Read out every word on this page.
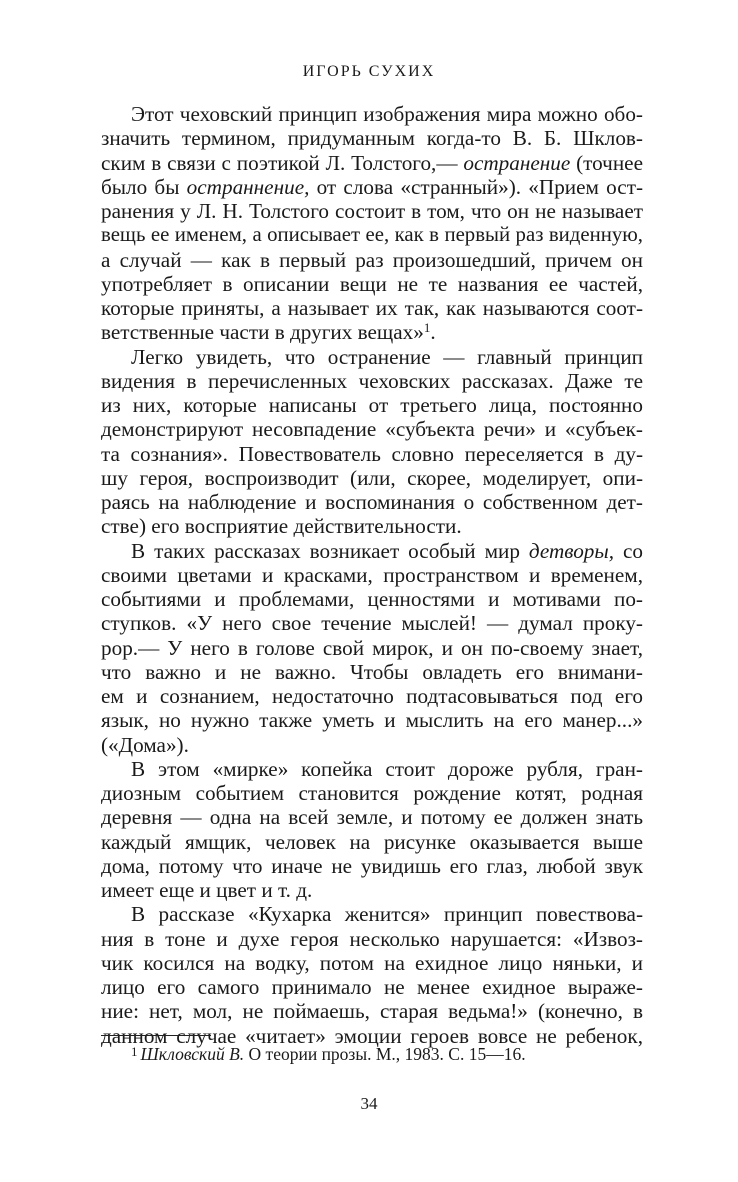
ИГОРЬ СУХИХ

Этот чеховский принцип изображения мира можно обо-
значить термином, придуманным когда-то В. Б. Шклов-
ским в связи с поэтикой Л. Толстого,— остранение (точнее
было бы остраннение, от слова «странный»). «Прием ост-
ранения у Л. Н. Толстого состоит в том, что он не называет
вещь ее именем, а описывает ее, как в первый раз виденную,
а случай — как в первый раз произошедший, причем он
употребляет в описании вещи не те названия ее частей,
которые приняты, а называет их так, как называются соот-
ветственные части в других вещах»$^1$.

Легко увидеть, что остранение — главный принцип
видения в перечисленных чеховских рассказах. Даже те
из них, которые написаны от третьего лица, постоянно
демонстрируют несовпадение «субъекта речи» и «субъек-
та сознания». Повествователь словно переселяется в ду-
шу героя, воспроизводит (или, скорее, моделирует, опи-
раясь на наблюдение и воспоминания о собственном дет-
стве) его восприятие действительности.

В таких рассказах возникает особый мир детворы, со
своими цветами и красками, пространством и временем,
событиями и проблемами, ценностями и мотивами по-
ступков. «У него свое течение мыслей! — думал проку-
рор.— У него в голове свой мирок, и он по-своему знает,
что важно и не важно. Чтобы овладеть его внимани-
ем и сознанием, недостаточно подтасовываться под его
язык, но нужно также уметь и мыслить на его манер...»
(«Дома»).

В этом «мирке» копейка стоит дороже рубля, гран-
диозным событием становится рождение котят, родная
деревня — одна на всей земле, и потому ее должен знать
каждый ямщик, человек на рисунке оказывается выше
дома, потому что иначе не увидишь его глаз, любой звук
имеет еще и цвет и т. д.

В рассказе «Кухарка женится» принцип повествова-
ния в тоне и духе героя несколько нарушается: «Извоз-
чик косился на водку, потом на ехидное лицо няньки, и
лицо его самого принимало не менее ехидное выраже-
ние: нет, мол, не поймаешь, старая ведьма!» (конечно, в
данном случае «читает» эмоции героев вовсе не ребенок,

$^1$ Шкловский В. О теории прозы. М., 1983. С. 15—16.
34
